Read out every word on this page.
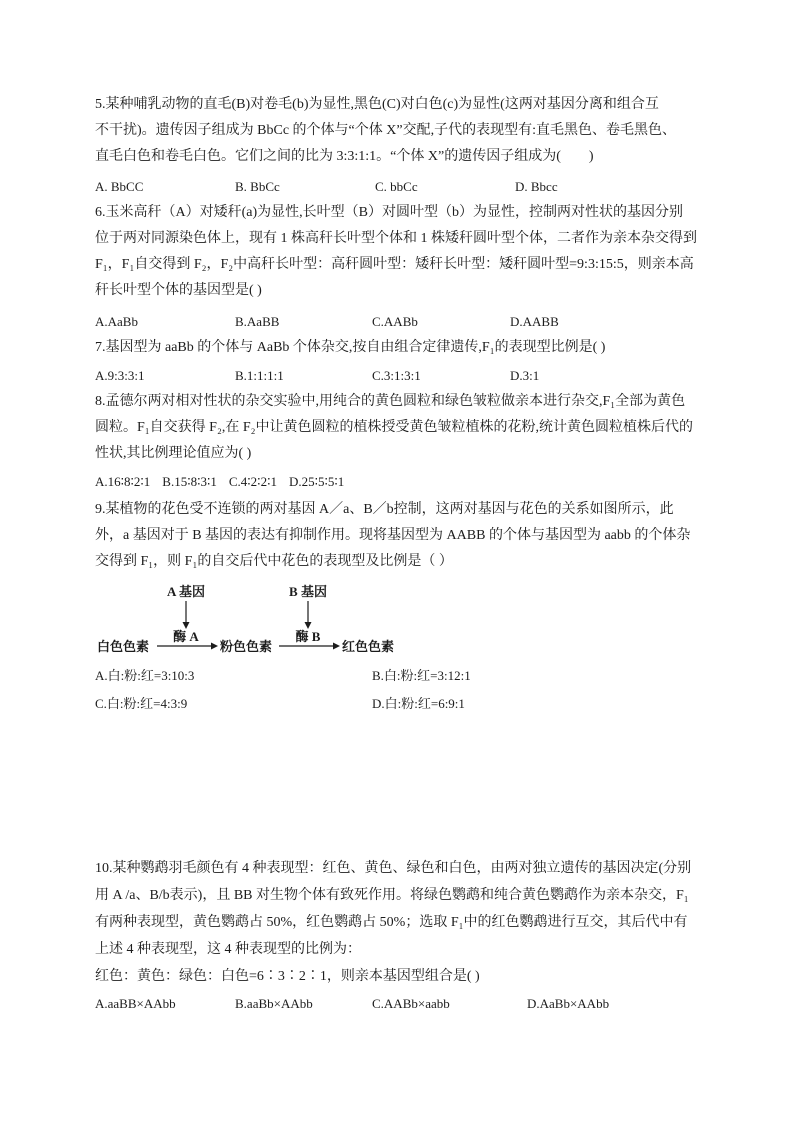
5.某种哺乳动物的直毛(B)对卷毛(b)为显性,黑色(C)对白色(c)为显性(这两对基因分离和组合互
不干扰)。遗传因子组成为 BbCc 的个体与“个体 X”交配,子代的表现型有:直毛黑色、卷毛黑色、
直毛白色和卷毛白色。它们之间的比为 3:3:1:1。“个体 X”的遗传因子组成为(　　)
A. BbCC	B. BbCc	C. bbCc	D. Bbcc
6.玉米高秆（A）对矮秆(a)为显性,长叶型（B）对圆叶型（b）为显性，控制两对性状的基因分别
位于两对同源染色体上，现有 1 株高秆长叶型个体和 1 株矮秆圆叶型个体，二者作为亲本杂交得到
F₁，F₁自交得到 F₂，F₂中高秆长叶型：高秆圆叶型：矮秆长叶型：矮秆圆叶型=9:3:15:5，则亲本高
秆长叶型个体的基因型是( )
A.AaBb	B.AaBB	C.AABb	D.AABB
7.基因型为 aaBb 的个体与 AaBb 个体杂交,按自由组合定律遗传,F₁的表现型比例是( )
A.9:3:3:1	B.1:1:1:1	C.3:1:3:1	D.3:1
8.孟德尔两对相对性状的杂交实验中,用纯合的黄色圆粒和绿色皱粒做亲本进行杂交,F₁全部为黄色
圆粒。F₁自交获得 F₂,在 F₂中让黄色圆粒的植株授受黄色皱粒植株的花粉,统计黄色圆粒植株后代的
性状,其比例理论值应为( )
A.16∶8∶2∶1 B.15∶8∶3∶1 C.4∶2∶2∶1 D.25∶5∶5∶1
9.某植物的花色受不连锁的两对基因 A／a、B／b控制，这两对基因与花色的关系如图所示，此
外，a 基因对于 B 基因的表达有抑制作用。现将基因型为 AABB 的个体与基因型为 aabb 的个体杂
交得到 F₁，则 F₁的自交后代中花色的表现型及比例是（ ）
A 基因
酶 A
B 基因
酶 B
白色色素	粉色色素	红色色素
A.白:粉:红=3:10:3	B.白:粉:红=3:12:1
C.白:粉:红=4:3:9	D.白:粉:红=6:9:1
10.某种鹦鹉羽毛颜色有 4 种表现型：红色、黄色、绿色和白色，由两对独立遗传的基因决定(分别
用 A /a、B/b表示)，且 BB 对生物个体有致死作用。将绿色鹦鹉和纯合黄色鹦鹉作为亲本杂交，F₁
有两种表现型，黄色鹦鹉占 50%，红色鹦鹉占 50%；选取 F₁中的红色鹦鹉进行互交，其后代中有
上述 4 种表现型，这 4 种表现型的比例为：
红色：黄色：绿色：白色=6∶3∶2∶1，则亲本基因型组合是( )
A.aaBB×AAbb	B.aaBb×AAbb	C.AABb×aabb	D.AaBb×AAbb
